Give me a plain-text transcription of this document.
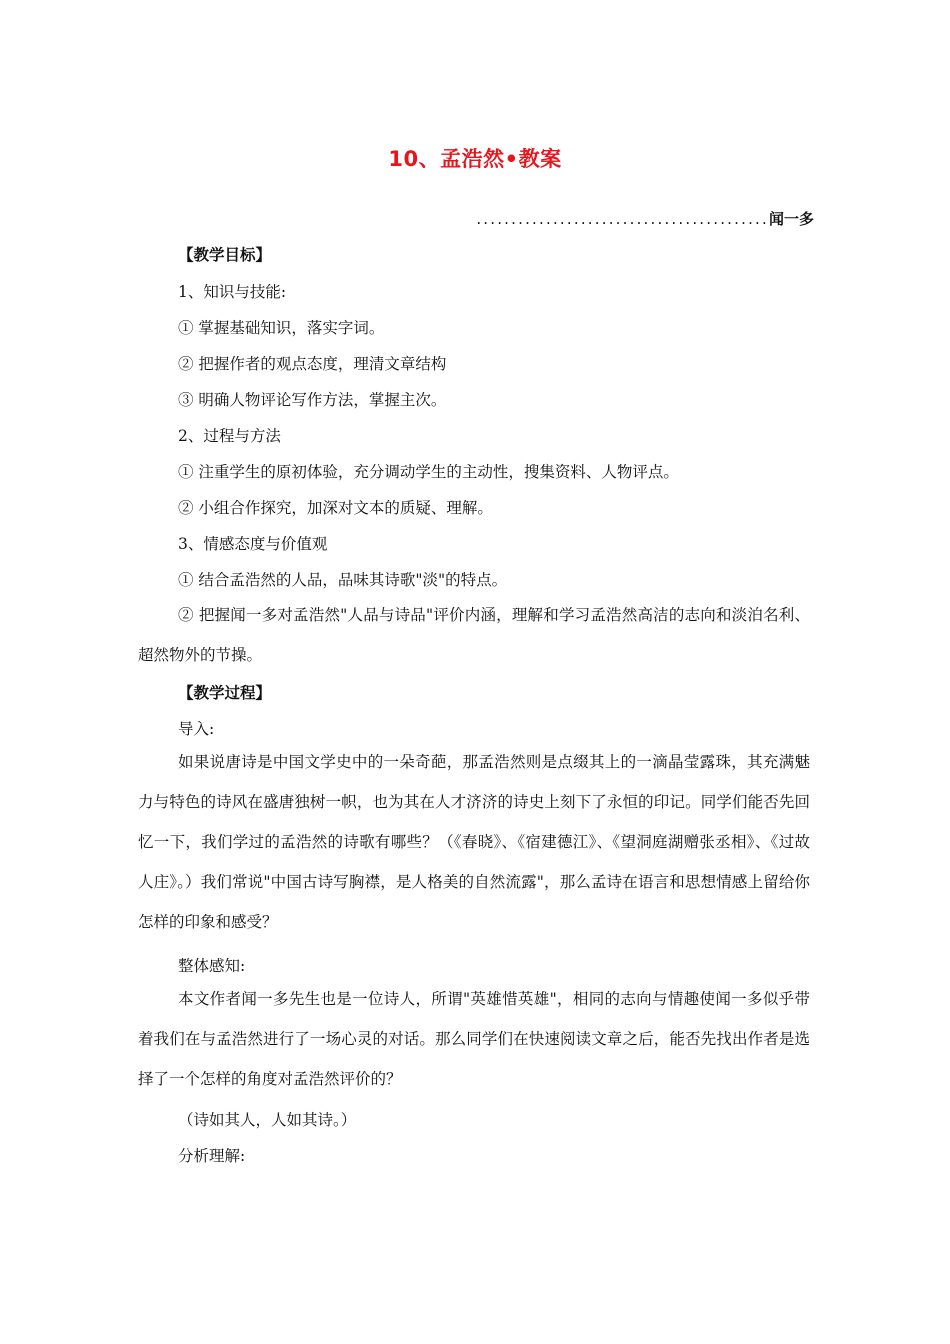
10、孟浩然•教案
..........................................闻一多
【教学目标】
1、知识与技能:
① 掌握基础知识，落实字词。
② 把握作者的观点态度，理清文章结构
③ 明确人物评论写作方法，掌握主次。
2、过程与方法
① 注重学生的原初体验，充分调动学生的主动性，搜集资料、人物评点。
② 小组合作探究，加深对文本的质疑、理解。
3、情感态度与价值观
① 结合孟浩然的人品，品味其诗歌"淡"的特点。
② 把握闻一多对孟浩然"人品与诗品"评价内涵，理解和学习孟浩然高洁的志向和淡泊名利、超然物外的节操。
【教学过程】
导入:
如果说唐诗是中国文学史中的一朵奇葩，那孟浩然则是点缀其上的一滴晶莹露珠，其充满魅力与特色的诗风在盛唐独树一帜，也为其在人才济济的诗史上刻下了永恒的印记。同学们能否先回忆一下，我们学过的孟浩然的诗歌有哪些？（《春晓》、《宿建德江》、《望洞庭湖赠张丞相》、《过故人庄》。）我们常说"中国古诗写胸襟，是人格美的自然流露"，那么孟诗在语言和思想情感上留给你怎样的印象和感受？
整体感知:
本文作者闻一多先生也是一位诗人，所谓"英雄惜英雄"，相同的志向与情趣使闻一多似乎带着我们在与孟浩然进行了一场心灵的对话。那么同学们在快速阅读文章之后，能否先找出作者是选择了一个怎样的角度对孟浩然评价的？
（诗如其人，人如其诗。）
分析理解:
